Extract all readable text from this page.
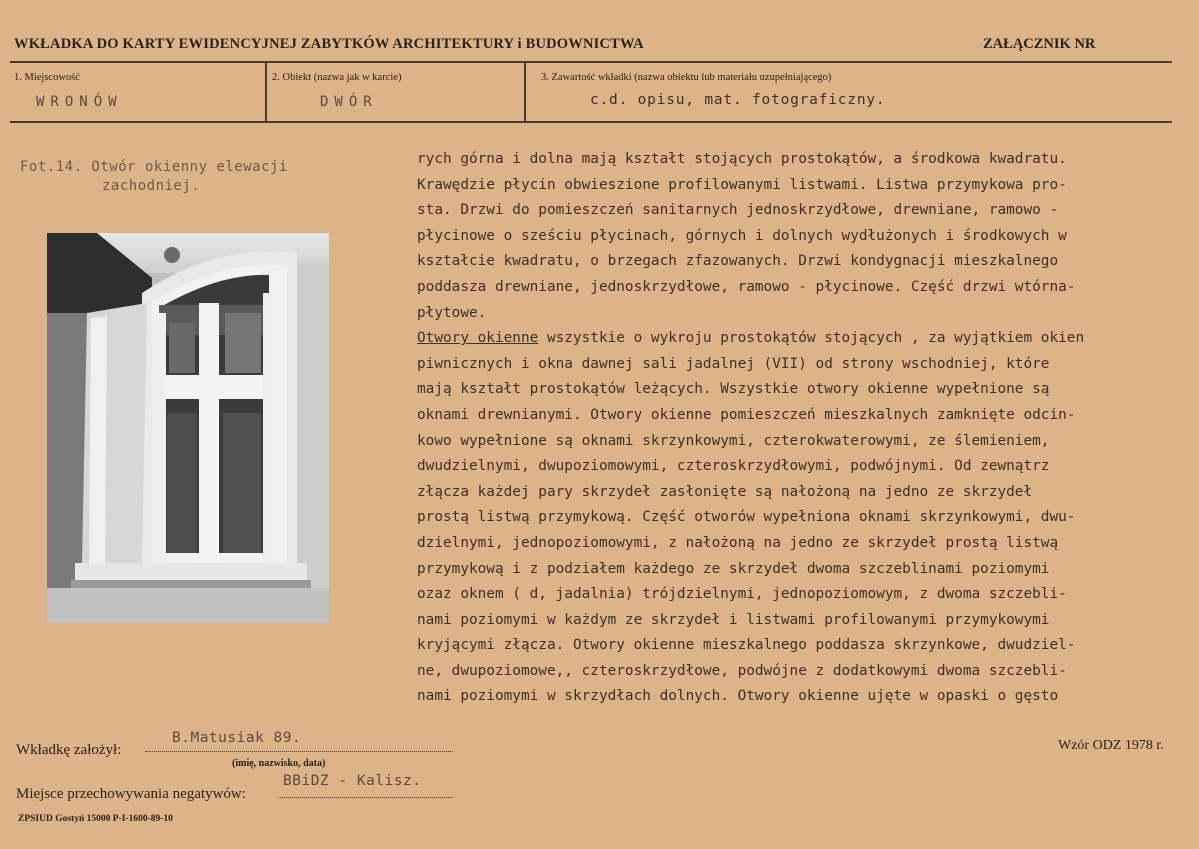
WKŁADKA DO KARTY EWIDENCYJNEJ ZABYTKÓW ARCHITEKTURY i BUDOWNICTWA	ZAŁĄCZNIK NR
1. Miejscowość
WRONÓW
2. Obiekt (nazwa jak w karcie)
DWÓR
3. Zawartość wkładki (nazwa obiektu lub materiału uzupełniającego)
c.d. opisu, mat. fotograficzny.
Fot.14. Otwór okienny elewacji
zachodniej.
rych górna i dolna mają kształt stojących prostokątów, a środkowa kwadratu.
Krawędzie płycin obwieszione profilowanymi listwami. Listwa przymykowa pro-
sta. Drzwi do pomieszczeń sanitarnych jednoskrzydłowe, drewniane, ramowo -
płycinowe o sześciu płycinach, górnych i dolnych wydłużonych i środkowych w
kształcie kwadratu, o brzegach zfazowanych. Drzwi kondygnacji mieszkalnego
poddasza drewniane, jednoskrzydłowe, ramowo - płycinowe. Część drzwi wtórna-
płytowe.
Otwory okienne wszystkie o wykroju prostokątów stojących , za wyjątkiem okien
piwnicznych i okna dawnej sali jadalnej (VII) od strony wschodniej, które
mają kształt prostokątów leżących. Wszystkie otwory okienne wypełnione są
oknami drewnianymi. Otwory okienne pomieszczeń mieszkalnych zamknięte odcin-
kowo wypełnione są oknami skrzynkowymi, czterokwaterowymi, ze ślemieniem,
dwudzielnymi, dwupoziomowymi, czteroskrzydłowymi, podwójnymi. Od zewnątrz
złącza każdej pary skrzydeł zasłonięte są nałożoną na jedno ze skrzydeł
prostą listwą przymykową. Część otworów wypełniona oknami skrzynkowymi, dwu-
dzielnymi, jednopoziomowymi, z nałożoną na jedno ze skrzydeł prostą listwą
przymykową i z podziałem każdego ze skrzydeł dwoma szczeblinami poziomymi
ozaz oknem ( d, jadalnia) trójdzielnymi, jednopoziomowym, z dwoma szczebli-
nami poziomymi w każdym ze skrzydeł i listwami profilowanymi przymykowymi
kryjącymi złącza. Otwory okienne mieszkalnego poddasza skrzynkowe, dwudziel-
ne, dwupoziomowe,, czteroskrzydłowe, podwójne z dodatkowymi dwoma szczebli-
nami poziomymi w skrzydłach dolnych. Otwory okienne ujęte w opaski o gęsto
Wkładkę założył:
B.Matusiak 89.
(imię, nazwisko, data)
Miejsce przechowywania negatywów:
BBiDZ - Kalisz.
Wzór ODZ 1978 r.
ZPSIUD Gostyń 15000 P-I-1600-89-10
